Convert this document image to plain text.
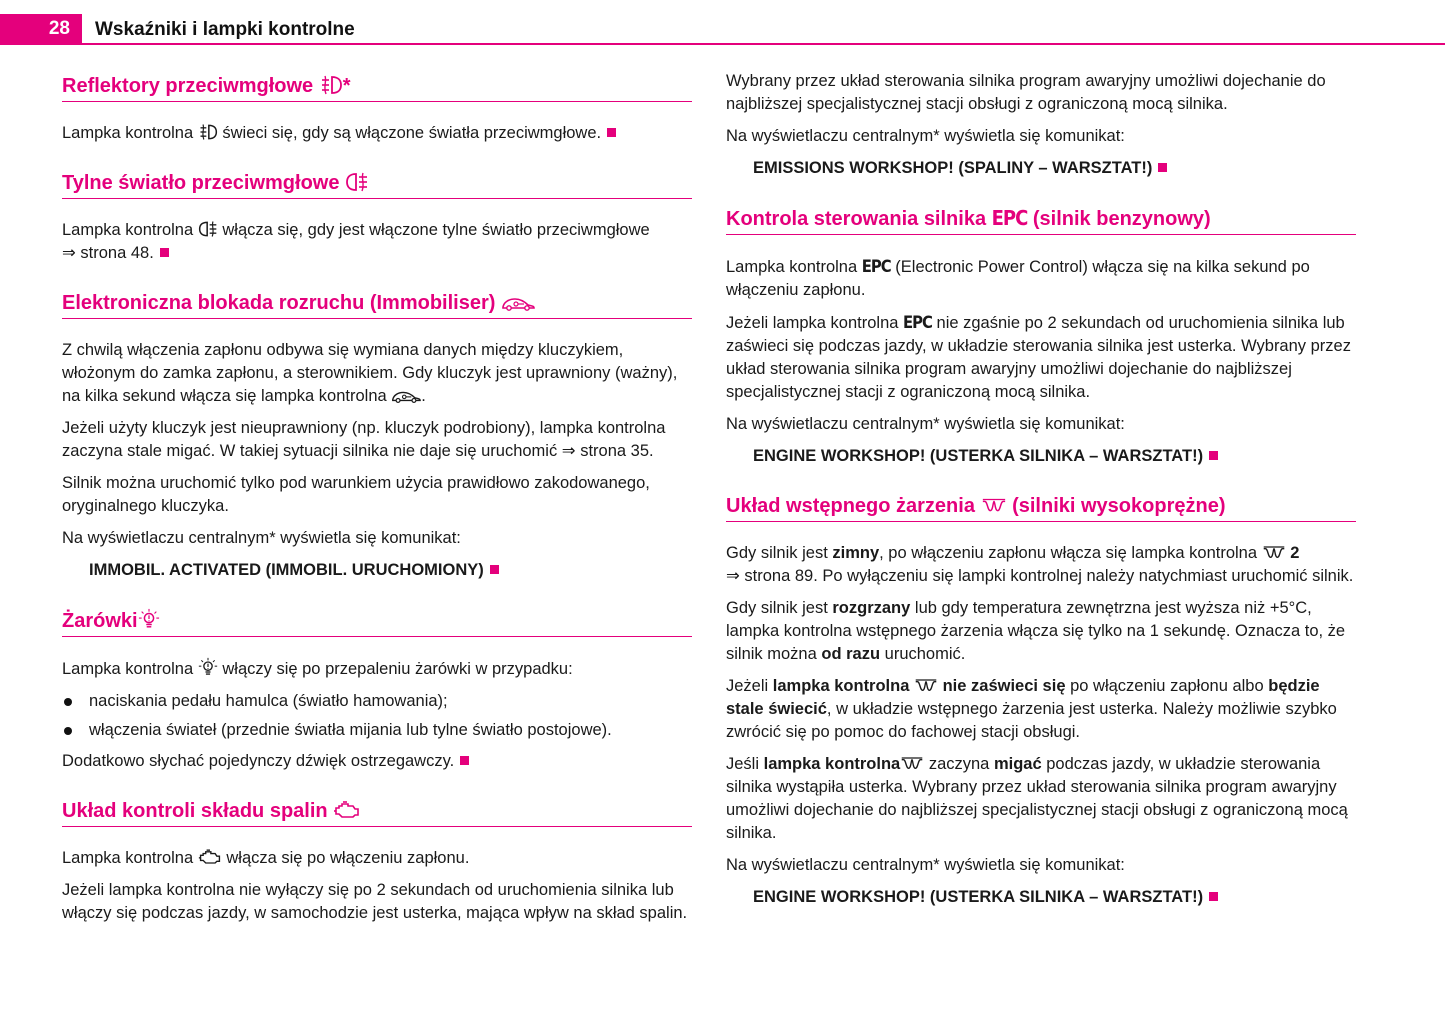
28	Wskaźniki i lampki kontrolne
Reflektory przeciwmgłowe *

Lampka kontrolna świeci się, gdy są włączone światła przeciwmgłowe.

Tylne światło przeciwmgłowe

Lampka kontrolna włącza się, gdy jest włączone tylne światło przeciwmgłowe
⇒ strona 48.

Elektroniczna blokada rozruchu (Immobiliser)

Z chwilą włączenia zapłonu odbywa się wymiana danych między kluczykiem, włożonym do zamka zapłonu, a sterownikiem. Gdy kluczyk jest uprawniony (ważny), na kilka sekund włącza się lampka kontrolna .

Jeżeli użyty kluczyk jest nieuprawniony (np. kluczyk podrobiony), lampka kontrolna zaczyna stale migać. W takiej sytuacji silnika nie daje się uruchomić ⇒ strona 35.

Silnik można uruchomić tylko pod warunkiem użycia prawidłowo zakodowanego, oryginalnego kluczyka.

Na wyświetlaczu centralnym* wyświetla się komunikat:

IMMOBIL. ACTIVATED (IMMOBIL. URUCHOMIONY)

Żarówki

Lampka kontrolna włączy się po przepaleniu żarówki w przypadku:

naciskania pedału hamulca (światło hamowania);
włączenia świateł (przednie światła mijania lub tylne światło postojowe).

Dodatkowo słychać pojedynczy dźwięk ostrzegawczy.

Układ kontroli składu spalin

Lampka kontrolna włącza się po włączeniu zapłonu.

Jeżeli lampka kontrolna nie wyłączy się po 2 sekundach od uruchomienia silnika lub włączy się podczas jazdy, w samochodzie jest usterka, mająca wpływ na skład spalin.

Wybrany przez układ sterowania silnika program awaryjny umożliwi dojechanie do najbliższej specjalistycznej stacji obsługi z ograniczoną mocą silnika.

Na wyświetlaczu centralnym* wyświetla się komunikat:

EMISSIONS WORKSHOP! (SPALINY – WARSZTAT!)

Kontrola sterowania silnika EPC (silnik benzynowy)

Lampka kontrolna EPC (Electronic Power Control) włącza się na kilka sekund po włączeniu zapłonu.

Jeżeli lampka kontrolna EPC nie zgaśnie po 2 sekundach od uruchomienia silnika lub zaświeci się podczas jazdy, w układzie sterowania silnika jest usterka. Wybrany przez układ sterowania silnika program awaryjny umożliwi dojechanie do najbliższej specjalistycznej stacji z ograniczoną mocą silnika.

Na wyświetlaczu centralnym* wyświetla się komunikat:

ENGINE WORKSHOP! (USTERKA SILNIKA – WARSZTAT!)

Układ wstępnego żarzenia (silniki wysokoprężne)

Gdy silnik jest zimny, po włączeniu zapłonu włącza się lampka kontrolna 2
⇒ strona 89. Po wyłączeniu się lampki kontrolnej należy natychmiast uruchomić silnik.

Gdy silnik jest rozgrzany lub gdy temperatura zewnętrzna jest wyższa niż +5°C, lampka kontrolna wstępnego żarzenia włącza się tylko na 1 sekundę. Oznacza to, że silnik można od razu uruchomić.

Jeżeli lampka kontrolna nie zaświeci się po włączeniu zapłonu albo będzie stale świecić, w układzie wstępnego żarzenia jest usterka. Należy możliwie szybko zwrócić się po pomoc do fachowej stacji obsługi.

Jeśli lampka kontrolna zaczyna migać podczas jazdy, w układzie sterowania silnika wystąpiła usterka. Wybrany przez układ sterowania silnika program awaryjny umożliwi dojechanie do najbliższej specjalistycznej stacji obsługi z ograniczoną mocą silnika.

Na wyświetlaczu centralnym* wyświetla się komunikat:

ENGINE WORKSHOP! (USTERKA SILNIKA – WARSZTAT!)
